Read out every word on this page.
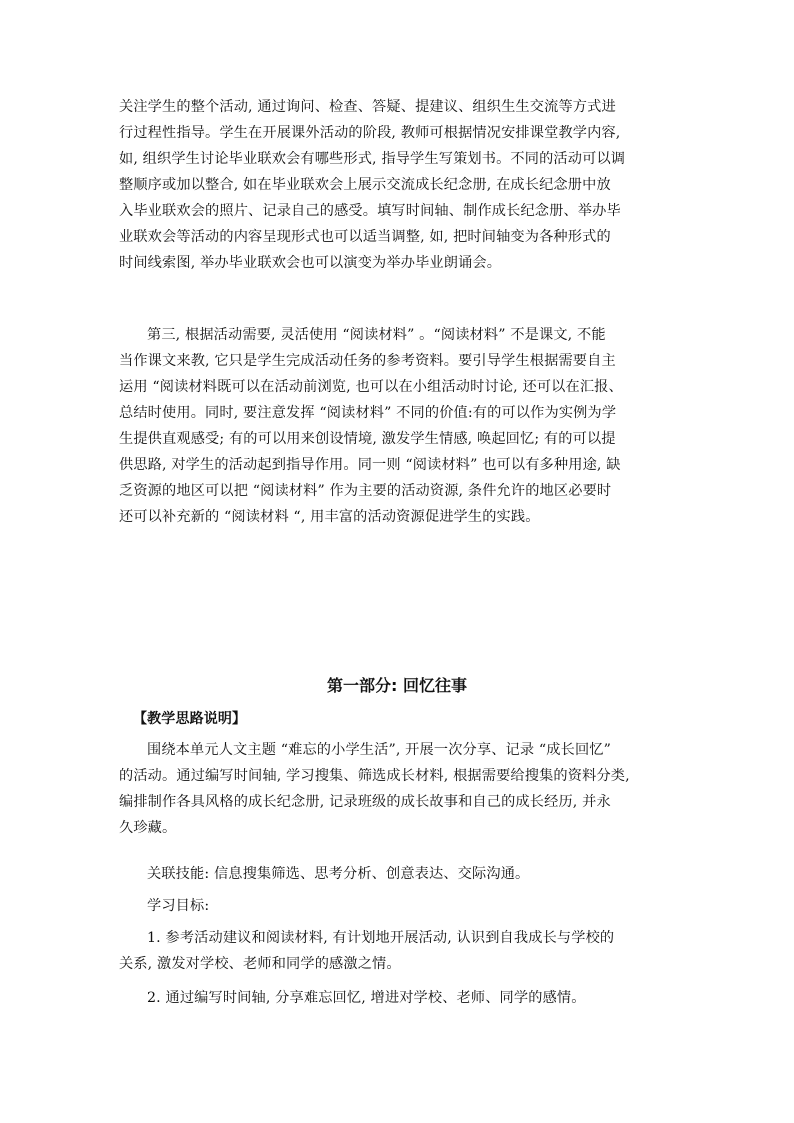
关注学生的整个活动, 通过询问、检查、答疑、提建议、组织生生交流等方式进
行过程性指导。学生在开展课外活动的阶段, 教师可根据情况安排课堂教学内容,
如, 组织学生讨论毕业联欢会有哪些形式, 指导学生写策划书。不同的活动可以调
整顺序或加以整合, 如在毕业联欢会上展示交流成长纪念册, 在成长纪念册中放
入毕业联欢会的照片、记录自己的感受。填写时间轴、制作成长纪念册、举办毕
业联欢会等活动的内容呈现形式也可以适当调整, 如, 把时间轴变为各种形式的
时间线索图, 举办毕业联欢会也可以演变为举办毕业朗诵会。
第三, 根据活动需要, 灵活使用 “阅读材料” 。“阅读材料” 不是课文, 不能
当作课文来教, 它只是学生完成活动任务的参考资料。要引导学生根据需要自主
运用 “阅读材料既可以在活动前浏览, 也可以在小组活动时讨论, 还可以在汇报、
总结时使用。同时, 要注意发挥 “阅读材料” 不同的价值:有的可以作为实例为学
生提供直观感受; 有的可以用来创设情境, 激发学生情感, 唤起回忆; 有的可以提
供思路, 对学生的活动起到指导作用。同一则 “阅读材料” 也可以有多种用途, 缺
乏资源的地区可以把 “阅读材料” 作为主要的活动资源, 条件允许的地区必要时
还可以补充新的 “阅读材料 “, 用丰富的活动资源促进学生的实践。
第一部分: 回忆往事
【教学思路说明】
围绕本单元人文主题 “难忘的小学生活”, 开展一次分享、记录 “成长回忆”
的活动。通过编写时间轴, 学习搜集、筛选成长材料, 根据需要给搜集的资料分类,
编排制作各具风格的成长纪念册, 记录班级的成长故事和自己的成长经历, 并永
久珍藏。
关联技能: 信息搜集筛选、思考分析、创意表达、交际沟通。
学习目标:
1. 参考活动建议和阅读材料, 有计划地开展活动, 认识到自我成长与学校的
关系, 激发对学校、老师和同学的感激之情。
2. 通过编写时间轴, 分享难忘回忆, 增进对学校、老师、同学的感情。
